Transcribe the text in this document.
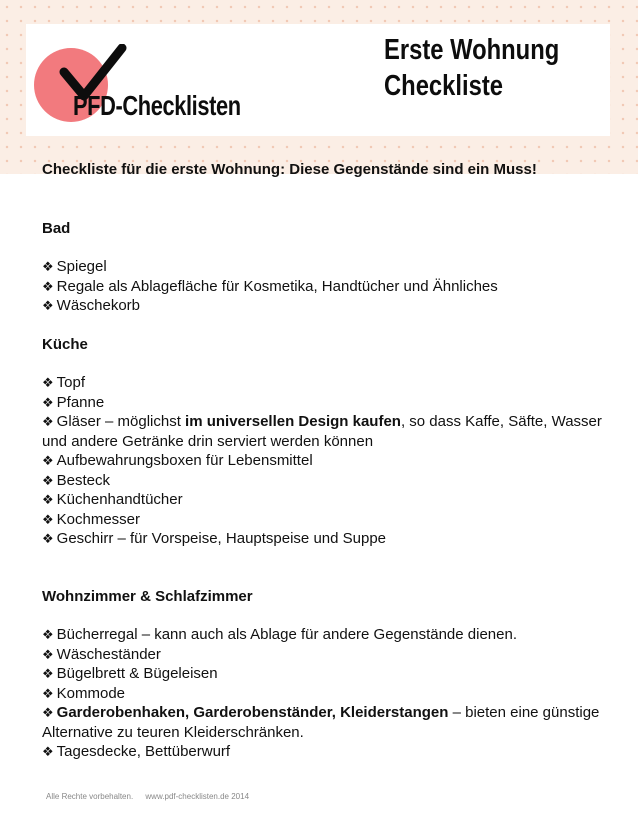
PFD-Checklisten
Erste Wohnung
Checkliste

Checkliste für die erste Wohnung: Diese Gegenstände sind ein Muss!

Bad

❖ Spiegel

❖ Regale als Ablagefläche für Kosmetika, Handtücher und Ähnliches

❖ Wäschekorb

Küche

❖ Topf

❖ Pfanne

❖ Gläser – möglichst im universellen Design kaufen, so dass Kaffe, Säfte, Wasser und andere Getränke drin serviert werden können

❖ Aufbewahrungsboxen für Lebensmittel

❖ Besteck

❖ Küchenhandtücher

❖ Kochmesser

❖ Geschirr – für Vorspeise, Hauptspeise und Suppe

Wohnzimmer & Schlafzimmer

❖ Bücherregal – kann auch als Ablage für andere Gegenstände dienen.

❖ Wäscheständer

❖ Bügelbrett & Bügeleisen

❖ Kommode

❖ Garderobenhaken, Garderobenständer, Kleiderstangen – bieten eine günstige Alternative zu teuren Kleiderschränken.

❖ Tagesdecke, Bettüberwurf

Alle Rechte vorbehalten. www.pdf-checklisten.de 2014
